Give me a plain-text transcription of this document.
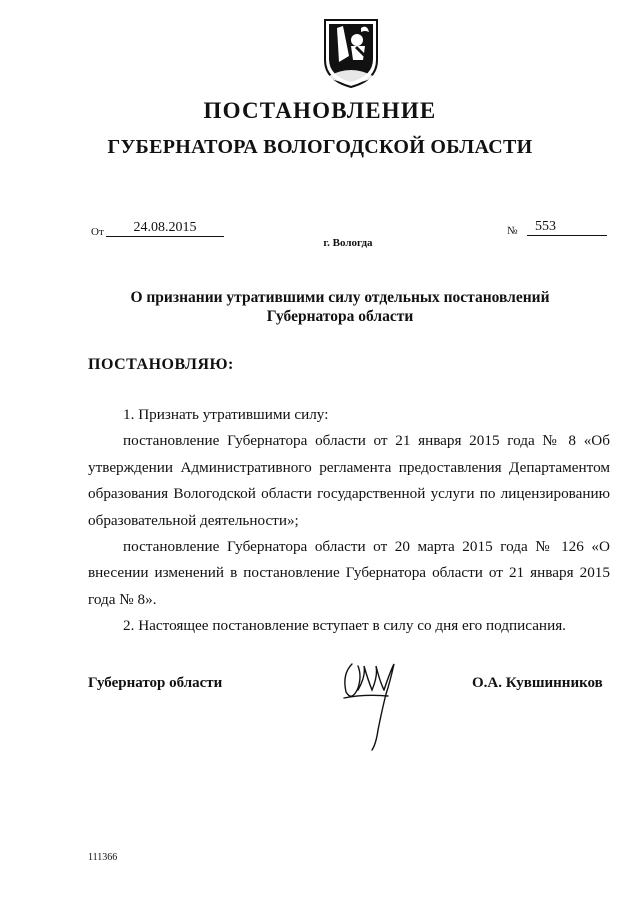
ПОСТАНОВЛЕНИЕ
ГУБЕРНАТОРА ВОЛОГОДСКОЙ ОБЛАСТИ
От	24.08.2015	№	553
г. Вологда
О признании утратившими силу отдельных постановлений
Губернатора области
ПОСТАНОВЛЯЮ:

1. Признать утратившими силу:

постановление Губернатора области от 21 января 2015 года № 8 «Об утверждении Административного регламента предоставления Департаментом образования Вологодской области государственной услуги по лицензированию образовательной деятельности»;

постановление Губернатора области от 20 марта 2015 года № 126 «О внесении изменений в постановление Губернатора области от 21 января 2015 года № 8».

2. Настоящее постановление вступает в силу со дня его подписания.

Губернатор области	О.А. Кувшинников
111366
